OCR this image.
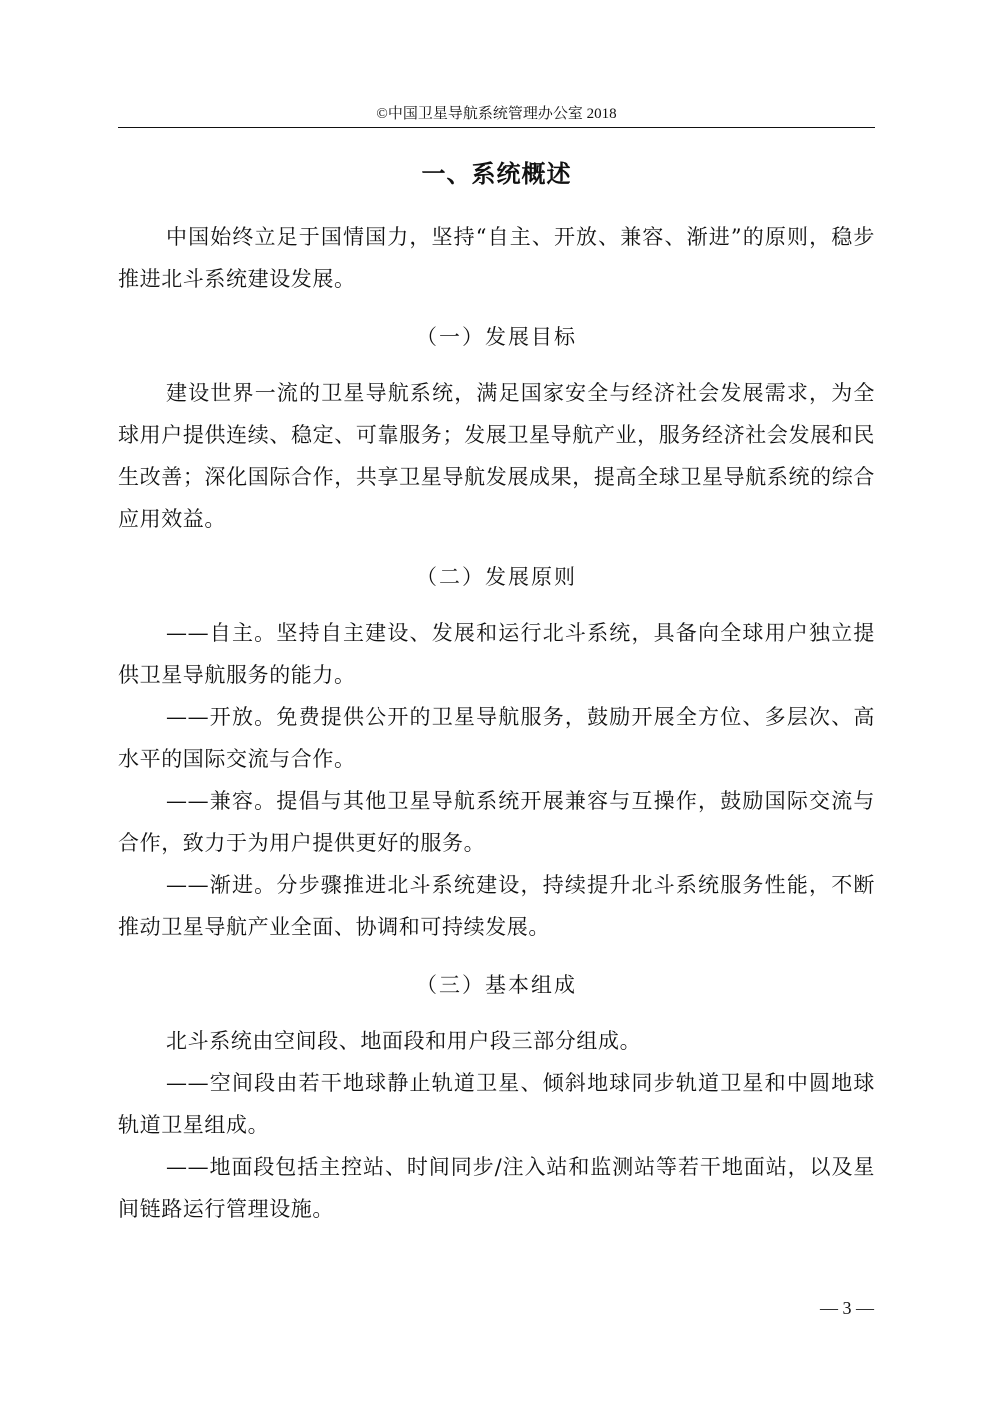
©中国卫星导航系统管理办公室 2018
一、系统概述

中国始终立足于国情国力，坚持“自主、开放、兼容、渐进”的原则，稳步推进北斗系统建设发展。

（一）发展目标

建设世界一流的卫星导航系统，满足国家安全与经济社会发展需求，为全球用户提供连续、稳定、可靠服务；发展卫星导航产业，服务经济社会发展和民生改善；深化国际合作，共享卫星导航发展成果，提高全球卫星导航系统的综合应用效益。

（二）发展原则

——自主。坚持自主建设、发展和运行北斗系统，具备向全球用户独立提供卫星导航服务的能力。

——开放。免费提供公开的卫星导航服务，鼓励开展全方位、多层次、高水平的国际交流与合作。

——兼容。提倡与其他卫星导航系统开展兼容与互操作，鼓励国际交流与合作，致力于为用户提供更好的服务。

——渐进。分步骤推进北斗系统建设，持续提升北斗系统服务性能，不断推动卫星导航产业全面、协调和可持续发展。

（三）基本组成

北斗系统由空间段、地面段和用户段三部分组成。

——空间段由若干地球静止轨道卫星、倾斜地球同步轨道卫星和中圆地球轨道卫星组成。

——地面段包括主控站、时间同步/注入站和监测站等若干地面站，以及星间链路运行管理设施。

— 3 —
